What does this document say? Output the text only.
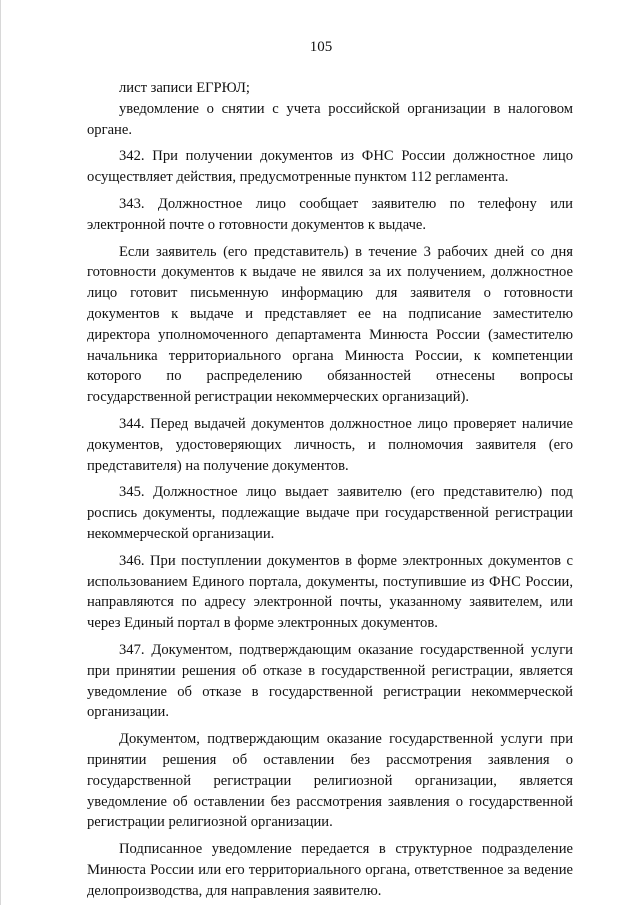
105

лист записи ЕГРЮЛ;

уведомление о снятии с учета российской организации в налоговом органе.

342. При получении документов из ФНС России должностное лицо осуществляет действия, предусмотренные пунктом 112 регламента.

343. Должностное лицо сообщает заявителю по телефону или электронной почте о готовности документов к выдаче.

Если заявитель (его представитель) в течение 3 рабочих дней со дня готовности документов к выдаче не явился за их получением, должностное лицо готовит письменную информацию для заявителя о готовности документов к выдаче и представляет ее на подписание заместителю директора уполномоченного департамента Минюста России (заместителю начальника территориального органа Минюста России, к компетенции которого по распределению обязанностей отнесены вопросы государственной регистрации некоммерческих организаций).

344. Перед выдачей документов должностное лицо проверяет наличие документов, удостоверяющих личность, и полномочия заявителя (его представителя) на получение документов.

345. Должностное лицо выдает заявителю (его представителю) под роспись документы, подлежащие выдаче при государственной регистрации некоммерческой организации.

346. При поступлении документов в форме электронных документов с использованием Единого портала, документы, поступившие из ФНС России, направляются по адресу электронной почты, указанному заявителем, или через Единый портал в форме электронных документов.

347. Документом, подтверждающим оказание государственной услуги при принятии решения об отказе в государственной регистрации, является уведомление об отказе в государственной регистрации некоммерческой организации.

Документом, подтверждающим оказание государственной услуги при принятии решения об оставлении без рассмотрения заявления о государственной регистрации религиозной организации, является уведомление об оставлении без рассмотрения заявления о государственной регистрации религиозной организации.

Подписанное уведомление передается в структурное подразделение Минюста России или его территориального органа, ответственное за ведение делопроизводства, для направления заявителю.
